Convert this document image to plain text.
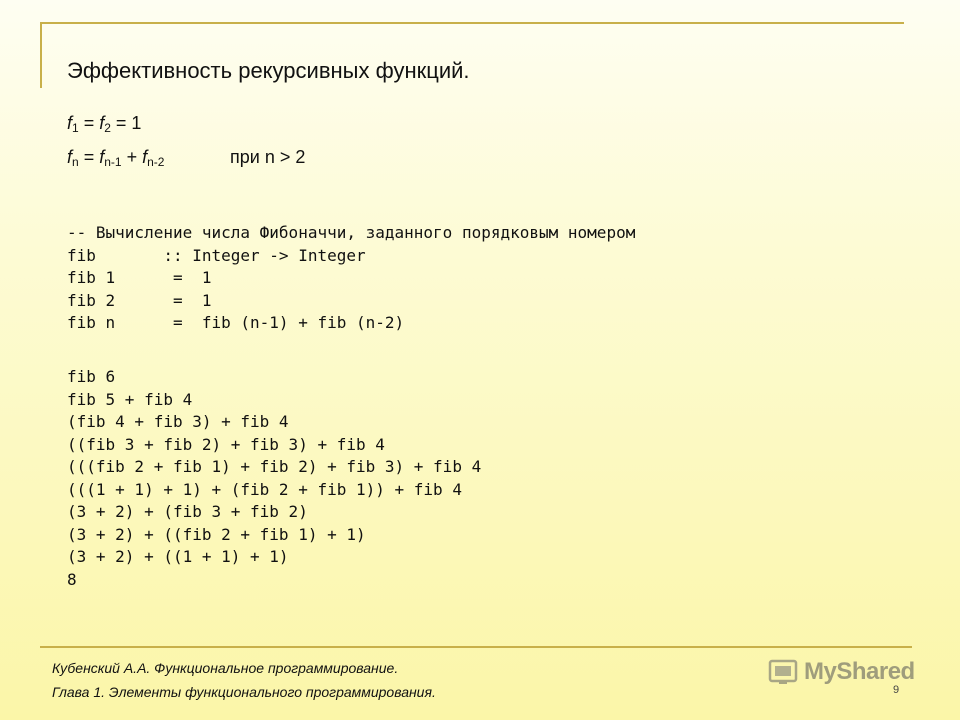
Эффективность рекурсивных функций.
$f_1 = f_2 = 1$
$f_n = f_{n-1} + f_{n-2}$	при n > 2
-- Вычисление числа Фибоначчи, заданного порядковым номером
fib       :: Integer -> Integer
fib 1      =  1
fib 2      =  1
fib n      =  fib (n-1) + fib (n-2)
fib 6
fib 5 + fib 4
(fib 4 + fib 3) + fib 4
((fib 3 + fib 2) + fib 3) + fib 4
(((fib 2 + fib 1) + fib 2) + fib 3) + fib 4
(((1 + 1) + 1) + (fib 2 + fib 1)) + fib 4
(3 + 2) + (fib 3 + fib 2)
(3 + 2) + ((fib 2 + fib 1) + 1)
(3 + 2) + ((1 + 1) + 1)
8
Кубенский А.А. Функциональное программирование.
Глава 1. Элементы функционального программирования.	9
MyShared
